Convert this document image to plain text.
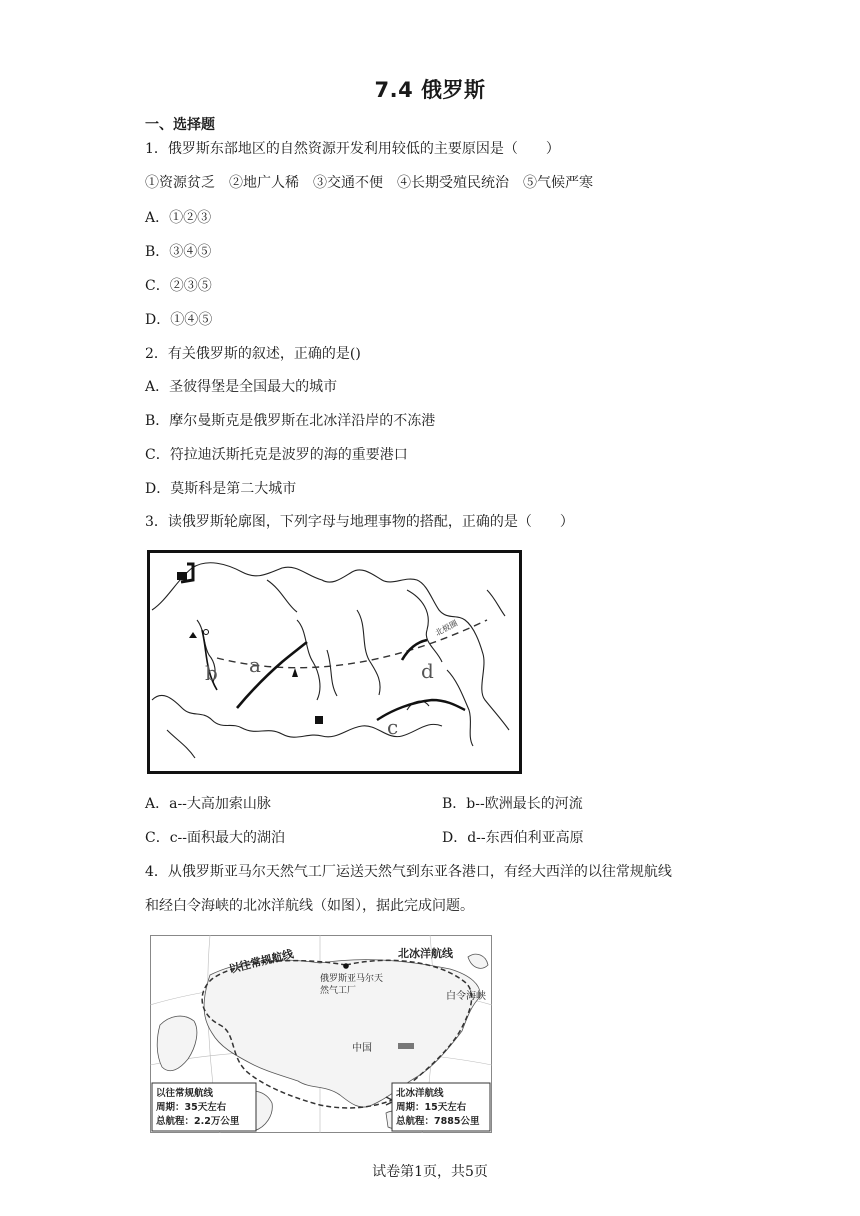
7.4 俄罗斯
一、选择题
1．俄罗斯东部地区的自然资源开发利用较低的主要原因是（　　）
①资源贫乏　②地广人稀　③交通不便　④长期受殖民统治　⑤气候严寒
A．①②③
B．③④⑤
C．②③⑤
D．①④⑤
2．有关俄罗斯的叙述，正确的是()
A．圣彼得堡是全国最大的城市
B．摩尔曼斯克是俄罗斯在北冰洋沿岸的不冻港
C．符拉迪沃斯托克是波罗的海的重要港口
D．莫斯科是第二大城市
3．读俄罗斯轮廓图，下列字母与地理事物的搭配，正确的是（　　）
北极圈
b a	d
c
A．a--大高加索山脉	B．b--欧洲最长的河流
C．c--面积最大的湖泊	D．d--东西伯利亚高原
4．从俄罗斯亚马尔天然气工厂运送天然气到东亚各港口，有经大西洋的以往常规航线
和经白令海峡的北冰洋航线（如图），据此完成问题。
以往常规航线	北冰洋航线
俄罗斯亚马尔天
然气工厂	白令海峡
中国
以往常规航线
周期：35天左右
总航程：2.2万公里
北冰洋航线
周期：15天左右
总航程：7885公里
试卷第1页，共5页
